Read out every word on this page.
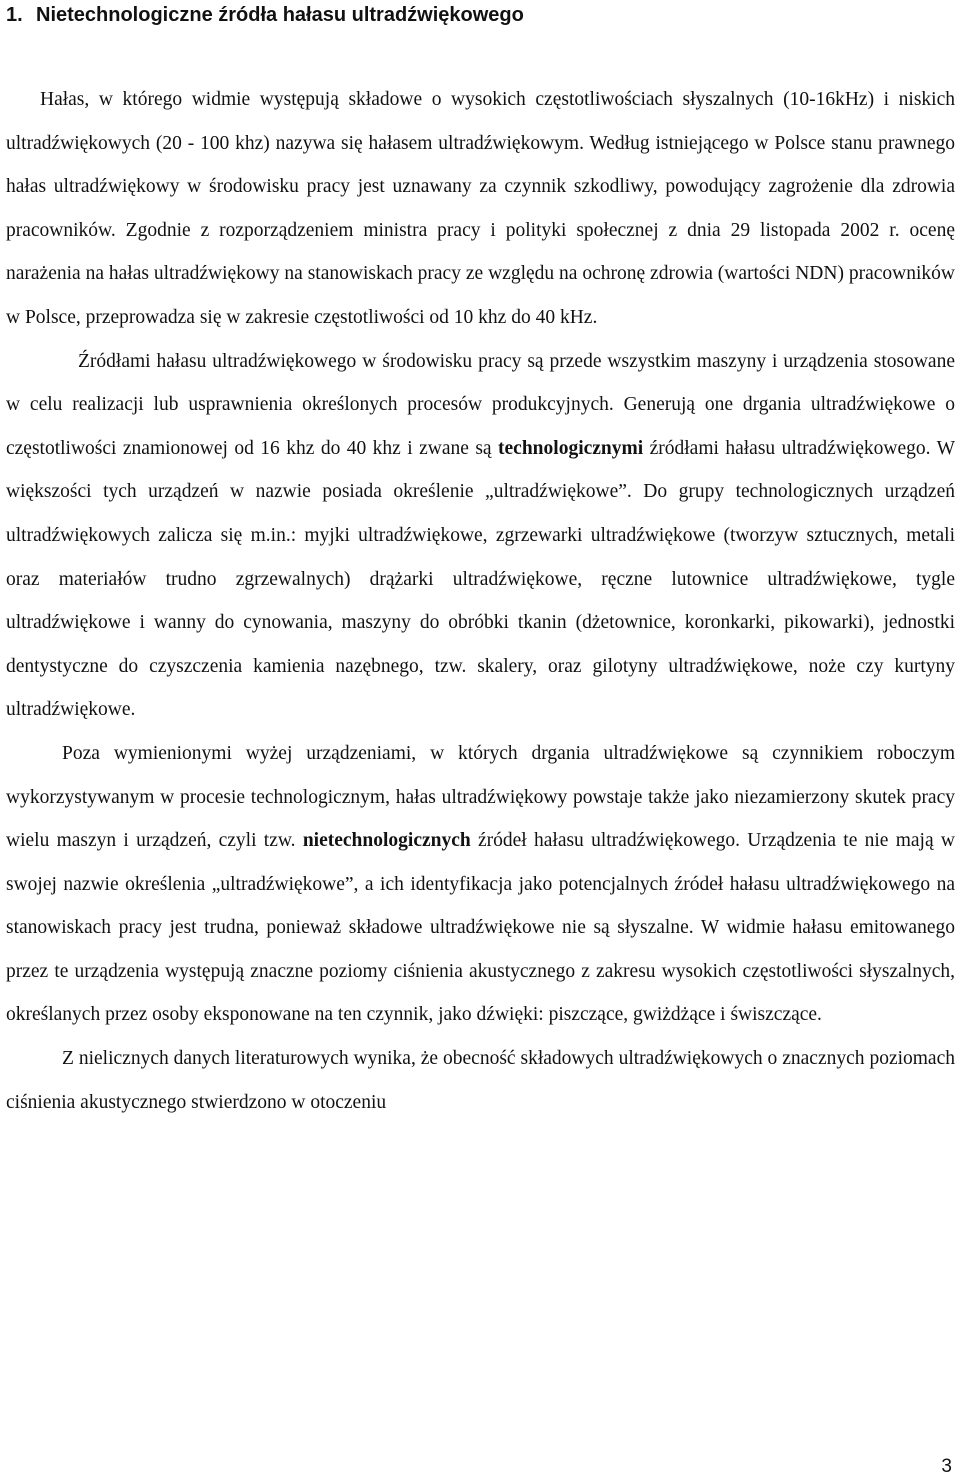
1. Nietechnologiczne źródła hałasu ultradźwiękowego

Hałas, w którego widmie występują składowe o wysokich częstotliwościach słyszalnych (10-16kHz) i niskich ultradźwiękowych (20 - 100 khz) nazywa się hałasem ultradźwiękowym. Według istniejącego w Polsce stanu prawnego hałas ultradźwiękowy w środowisku pracy jest uznawany za czynnik szkodliwy, powodujący zagrożenie dla zdrowia pracowników. Zgodnie z rozporządzeniem ministra pracy i polityki społecznej z dnia 29 listopada 2002 r. ocenę narażenia na hałas ultradźwiękowy na stanowiskach pracy ze względu na ochronę zdrowia (wartości NDN) pracowników w Polsce, przeprowadza się w zakresie częstotliwości od 10 khz do 40 kHz.

Źródłami hałasu ultradźwiękowego w środowisku pracy są przede wszystkim maszyny i urządzenia stosowane w celu realizacji lub usprawnienia określonych procesów produkcyjnych. Generują one drgania ultradźwiękowe o częstotliwości znamionowej od 16 khz do 40 khz i zwane są technologicznymi źródłami hałasu ultradźwiękowego. W większości tych urządzeń w nazwie posiada określenie „ultradźwiękowe”. Do grupy technologicznych urządzeń ultradźwiękowych zalicza się m.in.: myjki ultradźwiękowe, zgrzewarki ultradźwiękowe (tworzyw sztucznych, metali oraz materiałów trudno zgrzewalnych) drążarki ultradźwiękowe, ręczne lutownice ultradźwiękowe, tygle ultradźwiękowe i wanny do cynowania, maszyny do obróbki tkanin (dżetownice, koronkarki, pikowarki), jednostki dentystyczne do czyszczenia kamienia nazębnego, tzw. skalery, oraz gilotyny ultradźwiękowe, noże czy kurtyny ultradźwiękowe.

Poza wymienionymi wyżej urządzeniami, w których drgania ultradźwiękowe są czynnikiem roboczym wykorzystywanym w procesie technologicznym, hałas ultradźwiękowy powstaje także jako niezamierzony skutek pracy wielu maszyn i urządzeń, czyli tzw. nietechnologicznych źródeł hałasu ultradźwiękowego. Urządzenia te nie mają w swojej nazwie określenia „ultradźwiękowe”, a ich identyfikacja jako potencjalnych źródeł hałasu ultradźwiękowego na stanowiskach pracy jest trudna, ponieważ składowe ultradźwiękowe nie są słyszalne. W widmie hałasu emitowanego przez te urządzenia występują znaczne poziomy ciśnienia akustycznego z zakresu wysokich częstotliwości słyszalnych, określanych przez osoby eksponowane na ten czynnik, jako dźwięki: piszczące, gwiżdżące i świszczące.

Z nielicznych danych literaturowych wynika, że obecność składowych ultradźwiękowych o znacznych poziomach ciśnienia akustycznego stwierdzono w otoczeniu

3
